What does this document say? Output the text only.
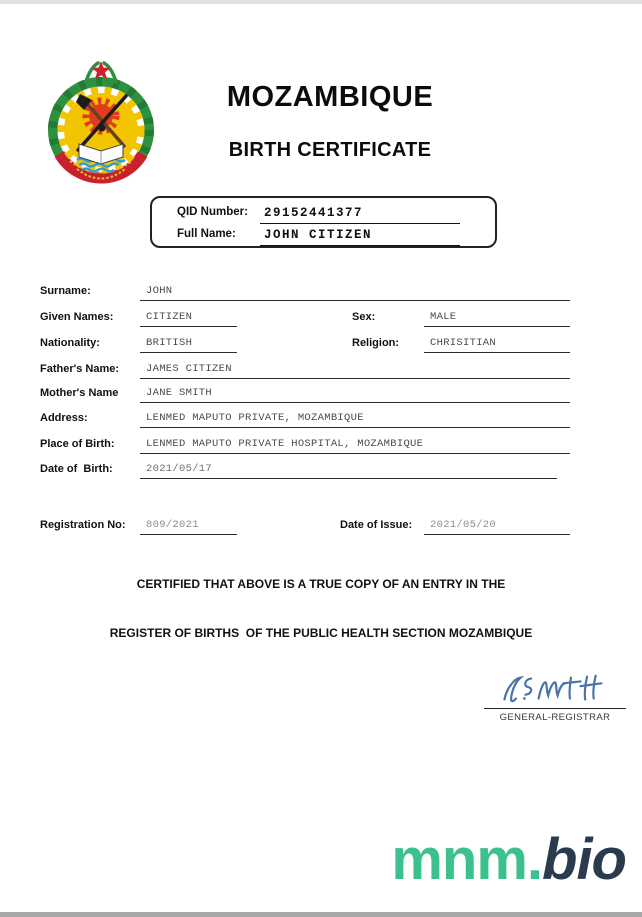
MOZAMBIQUE
BIRTH CERTIFICATE
QID Number:	29152441377
Full Name:	JOHN CITIZEN
Surname:	JOHN
Given Names:	CITIZEN	Sex:	MALE
Nationality:	BRITISH	Religion:	CHRISITIAN
Father's Name:	JAMES CITIZEN
Mother's Name	JANE SMITH
Address:	LENMED MAPUTO PRIVATE, MOZAMBIQUE
Place of Birth:	LENMED MAPUTO PRIVATE HOSPITAL, MOZAMBIQUE
Date of  Birth:	2021/05/17
Registration No:	809/2021	Date of Issue:	2021/05/20
CERTIFIED THAT ABOVE IS A TRUE COPY OF AN ENTRY IN THE
REGISTER OF BIRTHS  OF THE PUBLIC HEALTH SECTION MOZAMBIQUE
GENERAL-REGISTRAR
mnm. bio
